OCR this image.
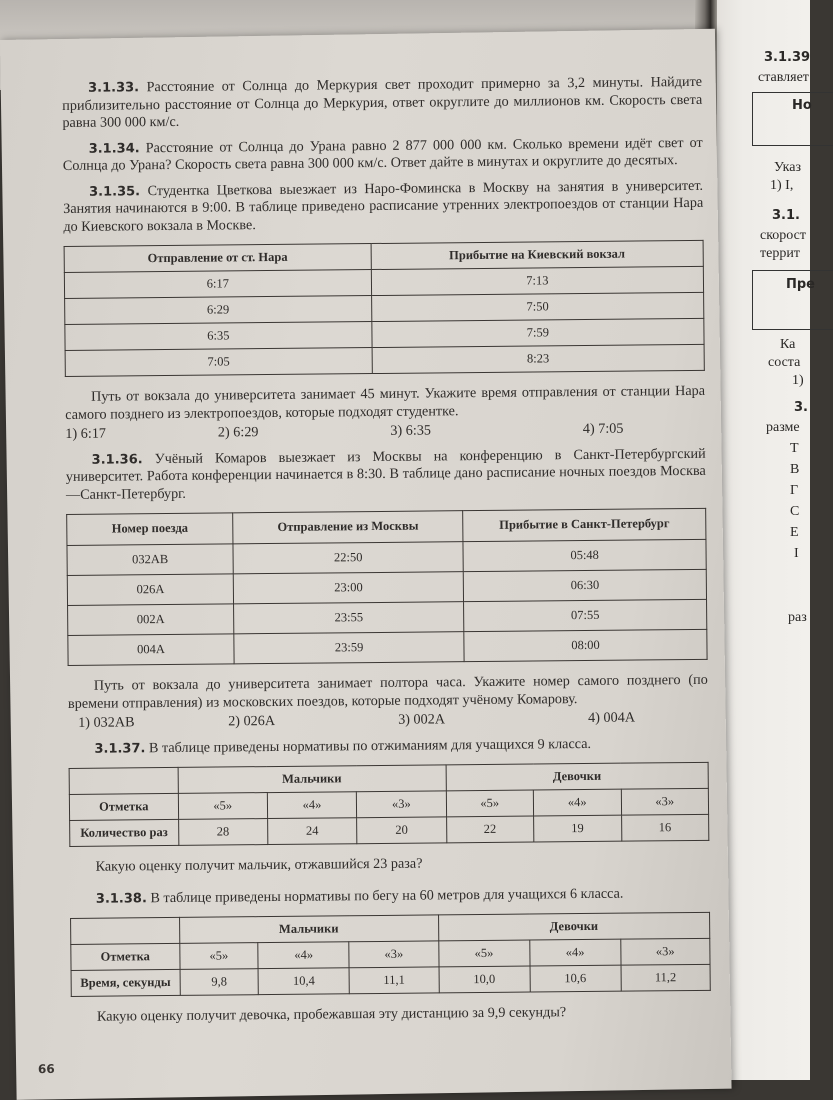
3.1.39
ставляет
Но
Указ
1) I,
3.1.
скорост
террит
Пре
Ка
соста
1)
3.
разме
Т
В
Г
С
Е
I
раз

3.1.33. Расстояние от Солнца до Меркурия свет проходит примерно за 3,2 минуты. Найдите приблизительно расстояние от Солнца до Меркурия, ответ округлите до миллионов км. Скорость света равна 300 000 км/с.

3.1.34. Расстояние от Солнца до Урана равно 2 877 000 000 км. Сколько времени идёт свет от Солнца до Урана? Скорость света равна 300 000 км/с. Ответ дайте в минутах и округлите до десятых.

3.1.35. Студентка Цветкова выезжает из Наро-Фоминска в Москву на занятия в университет. Занятия начинаются в 9:00. В таблице приведено расписание утренних электропоездов от станции Нара до Киевского вокзала в Москве.

Отправление от ст. Нара	Прибытие на Киевский вокзал
6:17	7:13
6:29	7:50
6:35	7:59
7:05	8:23

Путь от вокзала до университета занимает 45 минут. Укажите время отправления от станции Нара самого позднего из электропоездов, которые подходят студентке.

1) 6:17	2) 6:29	3) 6:35	4) 7:05

3.1.36. Учёный Комаров выезжает из Москвы на конференцию в Санкт-Петербургский университет. Работа конференции начинается в 8:30. В таблице дано расписание ночных поездов Москва—Санкт-Петербург.

Номер поезда	Отправление из Москвы	Прибытие в Санкт-Петербург
032АВ	22:50	05:48
026А	23:00	06:30
002А	23:55	07:55
004А	23:59	08:00

Путь от вокзала до университета занимает полтора часа. Укажите номер самого позднего (по времени отправления) из московских поездов, которые подходят учёному Комарову.

1) 032АВ	2) 026А	3) 002А	4) 004А

3.1.37. В таблице приведены нормативы по отжиманиям для учащихся 9 класса.

	Мальчики			Девочки		
Отметка	«5»	«4»	«3»	«5»	«4»	«3»
Количество раз	28	24	20	22	19	16

Какую оценку получит мальчик, отжавшийся 23 раза?

3.1.38. В таблице приведены нормативы по бегу на 60 метров для учащихся 6 класса.

	Мальчики			Девочки		
Отметка	«5»	«4»	«3»	«5»	«4»	«3»
Время, секунды	9,8	10,4	11,1	10,0	10,6	11,2

Какую оценку получит девочка, пробежавшая эту дистанцию за 9,9 секунды?

66
